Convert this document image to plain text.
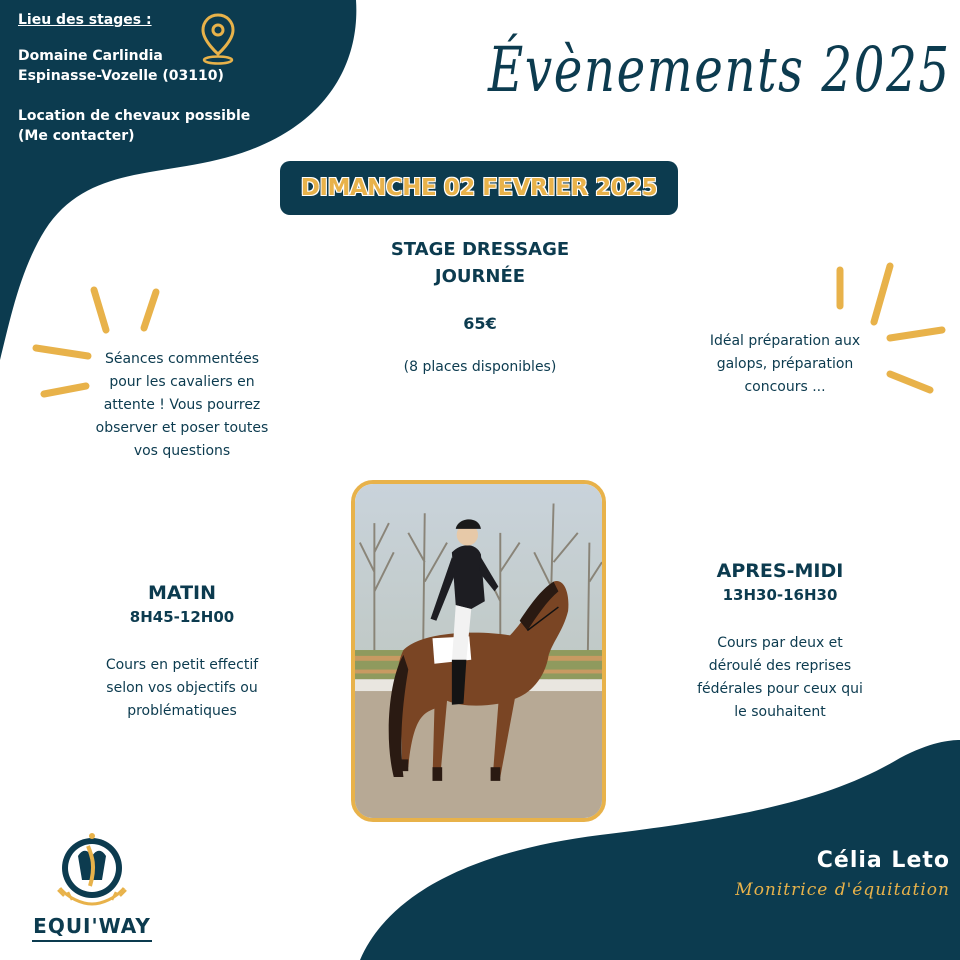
Lieu des stages :
Domaine Carlindia
Espinasse-Vozelle (03110)
Location de chevaux possible
(Me contacter)
Évènements 2025
DIMANCHE 02 FEVRIER 2025
STAGE DRESSAGE
JOURNÉE
65€
(8 places disponibles)
Séances commentées pour les cavaliers en attente ! Vous pourrez observer et poser toutes vos questions
Idéal préparation aux galops, préparation concours ...
MATIN
8H45-12H00
Cours en petit effectif selon vos objectifs ou problématiques
APRES-MIDI
13H30-16H30
Cours par deux et déroulé des reprises fédérales pour ceux qui le souhaitent
EQUI'WAY
Célia Leto
Monitrice d'équitation
